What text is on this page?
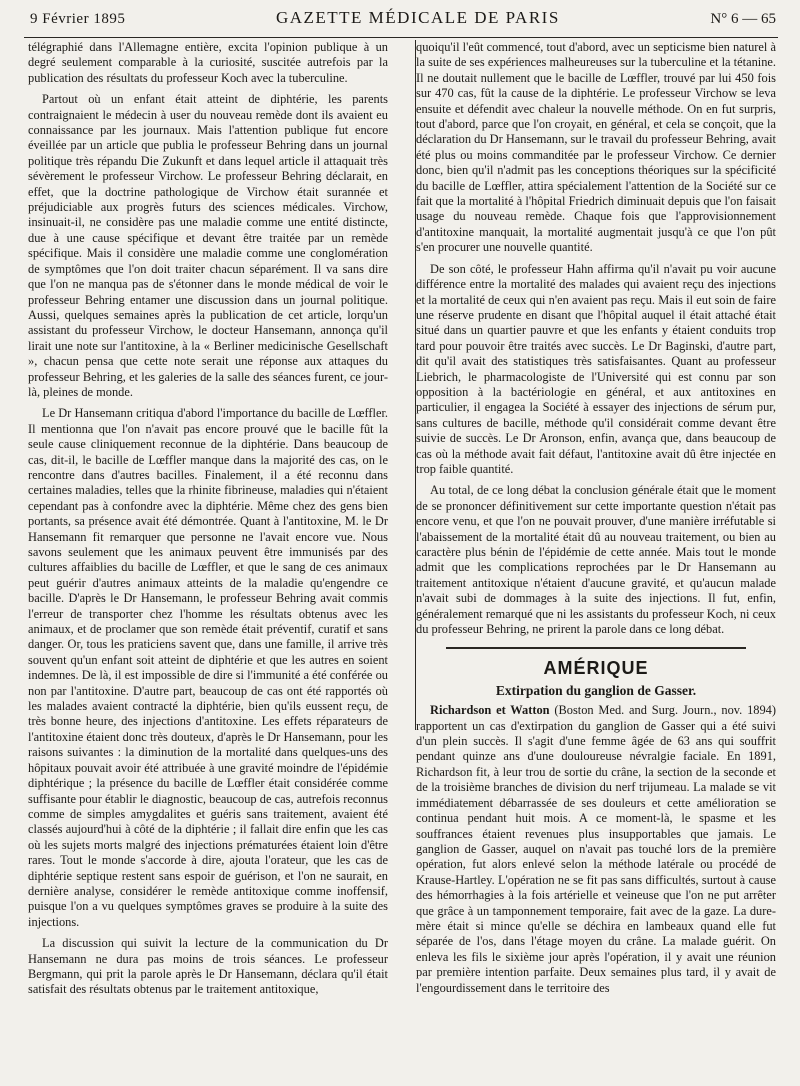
9 Février 1895	GAZETTE MÉDICALE DE PARIS	N° 6 — 65

télégraphié dans l'Allemagne entière, excita l'opinion publique à un degré seulement comparable à la curiosité, suscitée autrefois par la publication des résultats du professeur Koch avec la tuberculine.

Partout où un enfant était atteint de diphtérie, les parents contraignaient le médecin à user du nouveau remède dont ils avaient eu connaissance par les journaux. Mais l'attention publique fut encore éveillée par un article que publia le professeur Behring dans un journal politique très répandu Die Zukunft et dans lequel article il attaquait très sévèrement le professeur Virchow. Le professeur Behring déclarait, en effet, que la doctrine pathologique de Virchow était surannée et préjudiciable aux progrès futurs des sciences médicales. Virchow, insinuait-il, ne considère pas une maladie comme une entité distincte, due à une cause spécifique et devant être traitée par un remède spécifique. Mais il considère une maladie comme une conglomération de symptômes que l'on doit traiter chacun séparément. Il va sans dire que l'on ne manqua pas de s'étonner dans le monde médical de voir le professeur Behring entamer une discussion dans un journal politique. Aussi, quelques semaines après la publication de cet article, lorqu'un assistant du professeur Virchow, le docteur Hansemann, annonça qu'il lirait une note sur l'antitoxine, à la « Berliner medicinische Gesellschaft », chacun pensa que cette note serait une réponse aux attaques du professeur Behring, et les galeries de la salle des séances furent, ce jour-là, pleines de monde.

Le Dr Hansemann critiqua d'abord l'importance du bacille de Lœffler. Il mentionna que l'on n'avait pas encore prouvé que le bacille fût la seule cause cliniquement reconnue de la diphtérie. Dans beaucoup de cas, dit-il, le bacille de Lœffler manque dans la majorité des cas, on le rencontre dans d'autres bacilles. Finalement, il a été reconnu dans certaines maladies, telles que la rhinite fibrineuse, maladies qui n'étaient cependant pas à confondre avec la diphtérie. Même chez des gens bien portants, sa présence avait été démontrée. Quant à l'antitoxine, M. le Dr Hansemann fit remarquer que personne ne l'avait encore vue. Nous savons seulement que les animaux peuvent être immunisés par des cultures affaiblies du bacille de Lœffler, et que le sang de ces animaux peut guérir d'autres animaux atteints de la maladie qu'engendre ce bacille. D'après le Dr Hansemann, le professeur Behring avait commis l'erreur de transporter chez l'homme les résultats obtenus avec les animaux, et de proclamer que son remède était préventif, curatif et sans danger. Or, tous les praticiens savent que, dans une famille, il arrive très souvent qu'un enfant soit atteint de diphtérie et que les autres en soient indemnes. De là, il est impossible de dire si l'immunité a été conférée ou non par l'antitoxine. D'autre part, beaucoup de cas ont été rapportés où les malades avaient contracté la diphtérie, bien qu'ils eussent reçu, de très bonne heure, des injections d'antitoxine. Les effets réparateurs de l'antitoxine étaient donc très douteux, d'après le Dr Hansemann, pour les raisons suivantes : la diminution de la mortalité dans quelques-uns des hôpitaux pouvait avoir été attribuée à une gravité moindre de l'épidémie diphtérique ; la présence du bacille de Lœffler était considérée comme suffisante pour établir le diagnostic, beaucoup de cas, autrefois reconnus comme de simples amygdalites et guéris sans traitement, avaient été classés aujourd'hui à côté de la diphtérie ; il fallait dire enfin que les cas où les sujets morts malgré des injections prématurées étaient loin d'être rares. Tout le monde s'accorde à dire, ajouta l'orateur, que les cas de diphtérie septique restent sans espoir de guérison, et l'on ne saurait, en dernière analyse, considérer le remède antitoxique comme inoffensif, puisque l'on a vu quelques symptômes graves se produire à la suite des injections.

La discussion qui suivit la lecture de la communication du Dr Hansemann ne dura pas moins de trois séances. Le professeur Bergmann, qui prit la parole après le Dr Hansemann, déclara qu'il était satisfait des résultats obtenus par le traitement antitoxique,

quoiqu'il l'eût commencé, tout d'abord, avec un septicisme bien naturel à la suite de ses expériences malheureuses sur la tuberculine et la tétanine. Il ne doutait nullement que le bacille de Lœffler, trouvé par lui 450 fois sur 470 cas, fût la cause de la diphtérie. Le professeur Virchow se leva ensuite et défendit avec chaleur la nouvelle méthode. On en fut surpris, tout d'abord, parce que l'on croyait, en général, et cela se conçoit, que la déclaration du Dr Hansemann, sur le travail du professeur Behring, avait été plus ou moins commanditée par le professeur Virchow. Ce dernier donc, bien qu'il n'admit pas les conceptions théoriques sur la spécificité du bacille de Lœffler, attira spécialement l'attention de la Société sur ce fait que la mortalité à l'hôpital Friedrich diminuait depuis que l'on faisait usage du nouveau remède. Chaque fois que l'approvisionnement d'antitoxine manquait, la mortalité augmentait jusqu'à ce que l'on pût s'en procurer une nouvelle quantité.

De son côté, le professeur Hahn affirma qu'il n'avait pu voir aucune différence entre la mortalité des malades qui avaient reçu des injections et la mortalité de ceux qui n'en avaient pas reçu. Mais il eut soin de faire une réserve prudente en disant que l'hôpital auquel il était attaché était situé dans un quartier pauvre et que les enfants y étaient conduits trop tard pour pouvoir être traités avec succès. Le Dr Baginski, d'autre part, dit qu'il avait des statistiques très satisfaisantes. Quant au professeur Liebrich, le pharmacologiste de l'Université qui est connu par son opposition à la bactériologie en général, et aux antitoxines en particulier, il engagea la Société à essayer des injections de sérum pur, sans cultures de bacille, méthode qu'il considérait comme devant être suivie de succès. Le Dr Aronson, enfin, avança que, dans beaucoup de cas où la méthode avait fait défaut, l'antitoxine avait dû être injectée en trop faible quantité.

Au total, de ce long débat la conclusion générale était que le moment de se prononcer définitivement sur cette importante question n'était pas encore venu, et que l'on ne pouvait prouver, d'une manière irréfutable si l'abaissement de la mortalité était dû au nouveau traitement, ou bien au caractère plus bénin de l'épidémie de cette année. Mais tout le monde admit que les complications reprochées par le Dr Hansemann au traitement antitoxique n'étaient d'aucune gravité, et qu'aucun malade n'avait subi de dommages à la suite des injections. Il fut, enfin, généralement remarqué que ni les assistants du professeur Koch, ni ceux du professeur Behring, ne prirent la parole dans ce long débat.

AMÉRIQUE
Extirpation du ganglion de Gasser.

Richardson et Watton (Boston Med. and Surg. Journ., nov. 1894) rapportent un cas d'extirpation du ganglion de Gasser qui a été suivi d'un plein succès. Il s'agit d'une femme âgée de 63 ans qui souffrit pendant quinze ans d'une douloureuse névralgie faciale. En 1891, Richardson fit, à leur trou de sortie du crâne, la section de la seconde et de la troisième branches de division du nerf trijumeau. La malade se vit immédiatement débarrassée de ses douleurs et cette amélioration se continua pendant huit mois. A ce moment-là, le spasme et les souffrances étaient revenues plus insupportables que jamais. Le ganglion de Gasser, auquel on n'avait pas touché lors de la première opération, fut alors enlevé selon la méthode latérale ou procédé de Krause-Hartley. L'opération ne se fit pas sans difficultés, surtout à cause des hémorrhagies à la fois artérielle et veineuse que l'on ne put arrêter que grâce à un tamponnement temporaire, fait avec de la gaze. La dure-mère était si mince qu'elle se déchira en lambeaux quand elle fut séparée de l'os, dans l'étage moyen du crâne. La malade guérit. On enleva les fils le sixième jour après l'opération, il y avait une réunion par première intention parfaite. Deux semaines plus tard, il y avait de l'engourdissement dans le territoire des
